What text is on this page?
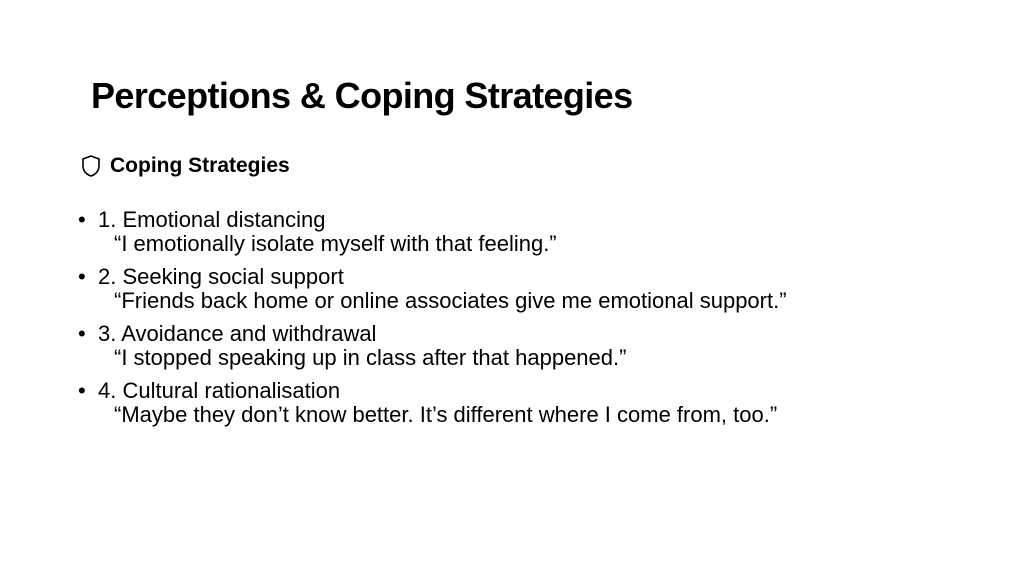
Perceptions & Coping Strategies
Coping Strategies
• 1. Emotional distancing
“I emotionally isolate myself with that feeling.”
• 2. Seeking social support
“Friends back home or online associates give me emotional support.”
• 3. Avoidance and withdrawal
“I stopped speaking up in class after that happened.”
• 4. Cultural rationalisation
“Maybe they don’t know better. It’s different where I come from, too.”
